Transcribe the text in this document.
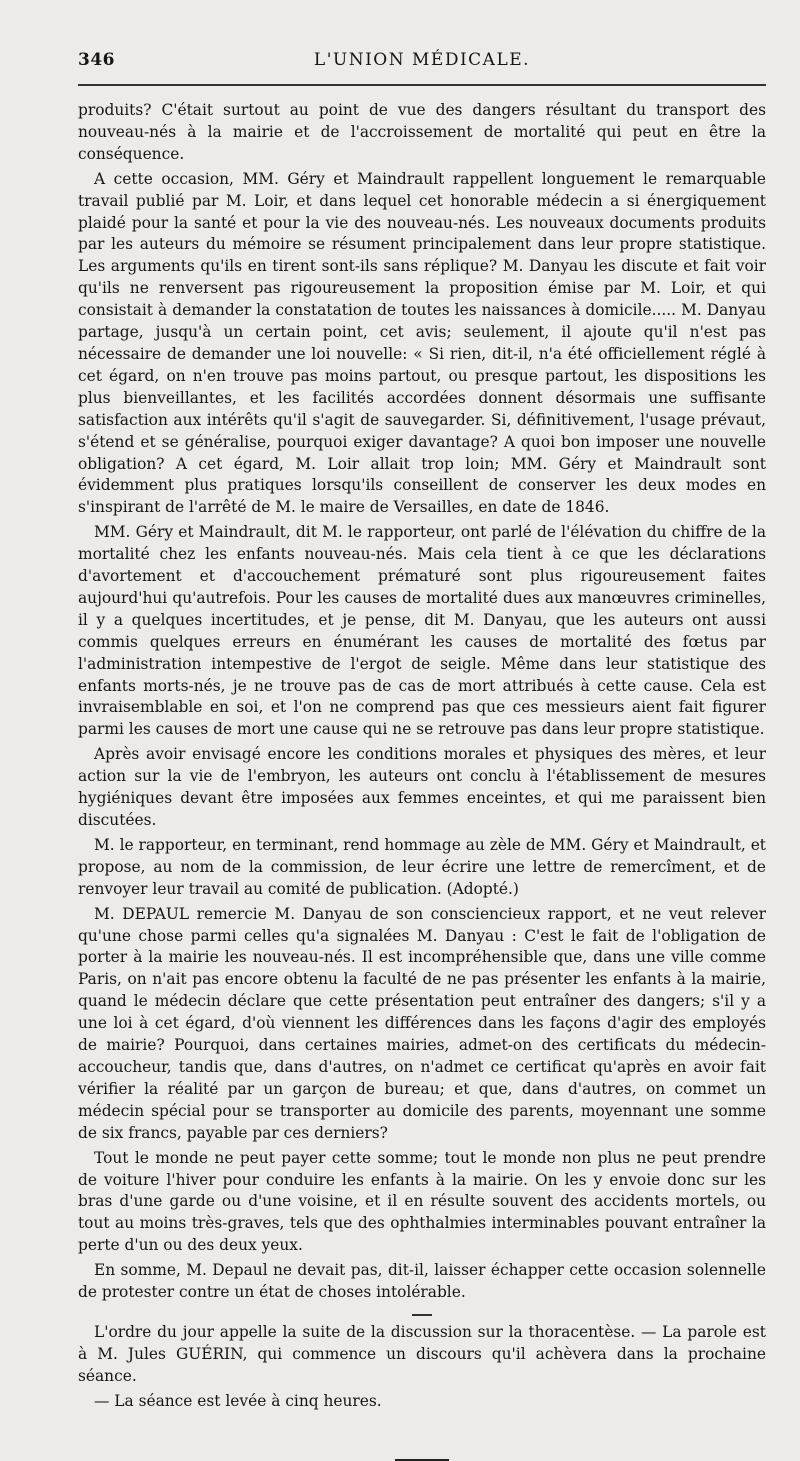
346	L'UNION MÉDICALE.

produits? C'était surtout au point de vue des dangers résultant du transport des nouveau-nés à la mairie et de l'accroissement de mortalité qui peut en être la conséquence.

A cette occasion, MM. Géry et Maindrault rappellent longuement le remarquable travail publié par M. Loir, et dans lequel cet honorable médecin a si énergiquement plaidé pour la santé et pour la vie des nouveau-nés. Les nouveaux documents produits par les auteurs du mémoire se résument principalement dans leur propre statistique. Les arguments qu'ils en tirent sont-ils sans réplique? M. Danyau les discute et fait voir qu'ils ne renversent pas rigoureusement la proposition émise par M. Loir, et qui consistait à demander la constatation de toutes les naissances à domicile..... M. Danyau partage, jusqu'à un certain point, cet avis; seulement, il ajoute qu'il n'est pas nécessaire de demander une loi nouvelle: « Si rien, dit-il, n'a été officiellement réglé à cet égard, on n'en trouve pas moins partout, ou presque partout, les dispositions les plus bienveillantes, et les facilités accordées donnent désormais une suffisante satisfaction aux intérêts qu'il s'agit de sauvegarder. Si, définitivement, l'usage prévaut, s'étend et se généralise, pourquoi exiger davantage? A quoi bon imposer une nouvelle obligation? A cet égard, M. Loir allait trop loin; MM. Géry et Maindrault sont évidemment plus pratiques lorsqu'ils conseillent de conserver les deux modes en s'inspirant de l'arrêté de M. le maire de Versailles, en date de 1846.

MM. Géry et Maindrault, dit M. le rapporteur, ont parlé de l'élévation du chiffre de la mortalité chez les enfants nouveau-nés. Mais cela tient à ce que les déclarations d'avortement et d'accouchement prématuré sont plus rigoureusement faites aujourd'hui qu'autrefois. Pour les causes de mortalité dues aux manœuvres criminelles, il y a quelques incertitudes, et je pense, dit M. Danyau, que les auteurs ont aussi commis quelques erreurs en énumérant les causes de mortalité des fœtus par l'administration intempestive de l'ergot de seigle. Même dans leur statistique des enfants morts-nés, je ne trouve pas de cas de mort attribués à cette cause. Cela est invraisemblable en soi, et l'on ne comprend pas que ces messieurs aient fait figurer parmi les causes de mort une cause qui ne se retrouve pas dans leur propre statistique.

Après avoir envisagé encore les conditions morales et physiques des mères, et leur action sur la vie de l'embryon, les auteurs ont conclu à l'établissement de mesures hygiéniques devant être imposées aux femmes enceintes, et qui me paraissent bien discutées.

M. le rapporteur, en terminant, rend hommage au zèle de MM. Géry et Maindrault, et propose, au nom de la commission, de leur écrire une lettre de remercîment, et de renvoyer leur travail au comité de publication. (Adopté.)

M. DEPAUL remercie M. Danyau de son consciencieux rapport, et ne veut relever qu'une chose parmi celles qu'a signalées M. Danyau : C'est le fait de l'obligation de porter à la mairie les nouveau-nés. Il est incompréhensible que, dans une ville comme Paris, on n'ait pas encore obtenu la faculté de ne pas présenter les enfants à la mairie, quand le médecin déclare que cette présentation peut entraîner des dangers; s'il y a une loi à cet égard, d'où viennent les différences dans les façons d'agir des employés de mairie? Pourquoi, dans certaines mairies, admet-on des certificats du médecin-accoucheur, tandis que, dans d'autres, on n'admet ce certificat qu'après en avoir fait vérifier la réalité par un garçon de bureau; et que, dans d'autres, on commet un médecin spécial pour se transporter au domicile des parents, moyennant une somme de six francs, payable par ces derniers?

Tout le monde ne peut payer cette somme; tout le monde non plus ne peut prendre de voiture l'hiver pour conduire les enfants à la mairie. On les y envoie donc sur les bras d'une garde ou d'une voisine, et il en résulte souvent des accidents mortels, ou tout au moins très-graves, tels que des ophthalmies interminables pouvant entraîner la perte d'un ou des deux yeux.

En somme, M. Depaul ne devait pas, dit-il, laisser échapper cette occasion solennelle de protester contre un état de choses intolérable.

L'ordre du jour appelle la suite de la discussion sur la thoracentèse. — La parole est à M. Jules GUÉRIN, qui commence un discours qu'il achèvera dans la prochaine séance.

— La séance est levée à cinq heures.
